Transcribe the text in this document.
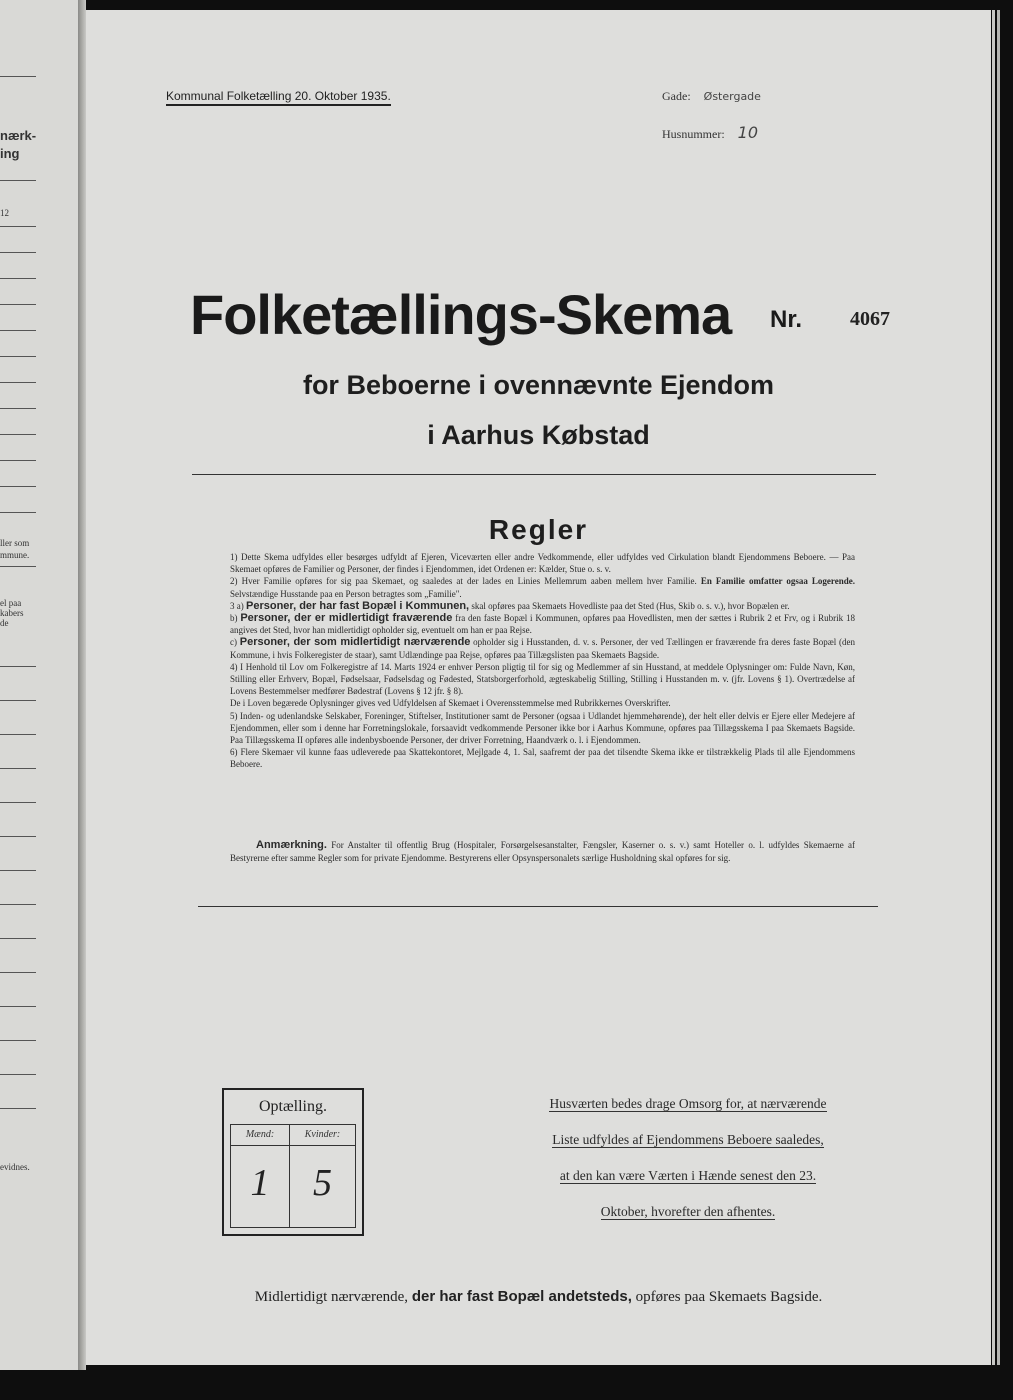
nærk-
ing
12
ller som
mmune.
el paa
kabers
de
evidnes.
Kommunal Folketælling 20. Oktober 1935.	Gade: Østergade
Husnummer: 10
Folketællings-Skema Nr. 4067
for Beboerne i ovennævnte Ejendom
i Aarhus Købstad
Regler

1) Dette Skema udfyldes eller besørges udfyldt af Ejeren, Viceværten eller andre Vedkommende, eller udfyldes ved Cirkulation blandt Ejendommens Beboere. — Paa Skemaet opføres de Familier og Personer, der findes i Ejendommen, idet Ordenen er: Kælder, Stue o. s. v.

2) Hver Familie opføres for sig paa Skemaet, og saaledes at der lades en Linies Mellemrum aaben mellem hver Familie. En Familie omfatter ogsaa Logerende. Selvstændige Husstande paa en Person betragtes som „Familie".

3 a) Personer, der har fast Bopæl i Kommunen, skal opføres paa Skemaets Hovedliste paa det Sted (Hus, Skib o. s. v.), hvor Bopælen er.

b) Personer, der er midlertidigt fraværende fra den faste Bopæl i Kommunen, opføres paa Hovedlisten, men der sættes i Rubrik 2 et Frv, og i Rubrik 18 angives det Sted, hvor han midlertidigt opholder sig, eventuelt om han er paa Rejse.

c) Personer, der som midlertidigt nærværende opholder sig i Husstanden, d. v. s. Personer, der ved Tællingen er fraværende fra deres faste Bopæl (den Kommune, i hvis Folkeregister de staar), samt Udlændinge paa Rejse, opføres paa Tillægslisten paa Skemaets Bagside.

4) I Henhold til Lov om Folkeregistre af 14. Marts 1924 er enhver Person pligtig til for sig og Medlemmer af sin Husstand, at meddele Oplysninger om: Fulde Navn, Køn, Stilling eller Erhverv, Bopæl, Fødselsaar, Fødselsdag og Fødested, Statsborgerforhold, ægteskabelig Stilling, Stilling i Husstanden m. v. (jfr. Lovens § 1). Overtrædelse af Lovens Bestemmelser medfører Bødestraf (Lovens § 12 jfr. § 8).

De i Loven begærede Oplysninger gives ved Udfyldelsen af Skemaet i Overensstemmelse med Rubrikkernes Overskrifter.

5) Inden- og udenlandske Selskaber, Foreninger, Stiftelser, Institutioner samt de Personer (ogsaa i Udlandet hjemmehørende), der helt eller delvis er Ejere eller Medejere af Ejendommen, eller som i denne har Forretningslokale, forsaavidt vedkommende Personer ikke bor i Aarhus Kommune, opføres paa Tillægsskema I paa Skemaets Bagside. Paa Tillægsskema II opføres alle indenbysboende Personer, der driver Forretning, Haandværk o. l. i Ejendommen.

6) Flere Skemaer vil kunne faas udleverede paa Skattekontoret, Mejlgade 4, 1. Sal, saafremt der paa det tilsendte Skema ikke er tilstrækkelig Plads til alle Ejendommens Beboere.

Anmærkning. For Anstalter til offentlig Brug (Hospitaler, Forsørgelsesanstalter, Fængsler, Kaserner o. s. v.) samt Hoteller o. l. udfyldes Skemaerne af Bestyrerne efter samme Regler som for private Ejendomme. Bestyrerens eller Opsynspersonalets særlige Husholdning skal opføres for sig.
Optælling.
Mænd:
1
Kvinder:
5
Husværten bedes drage Omsorg for, at nærværende
Liste udfyldes af Ejendommens Beboere saaledes,
at den kan være Værten i Hænde senest den 23.
Oktober, hvorefter den afhentes.
Midlertidigt nærværende, der har fast Bopæl andetsteds, opføres paa Skemaets Bagside.
